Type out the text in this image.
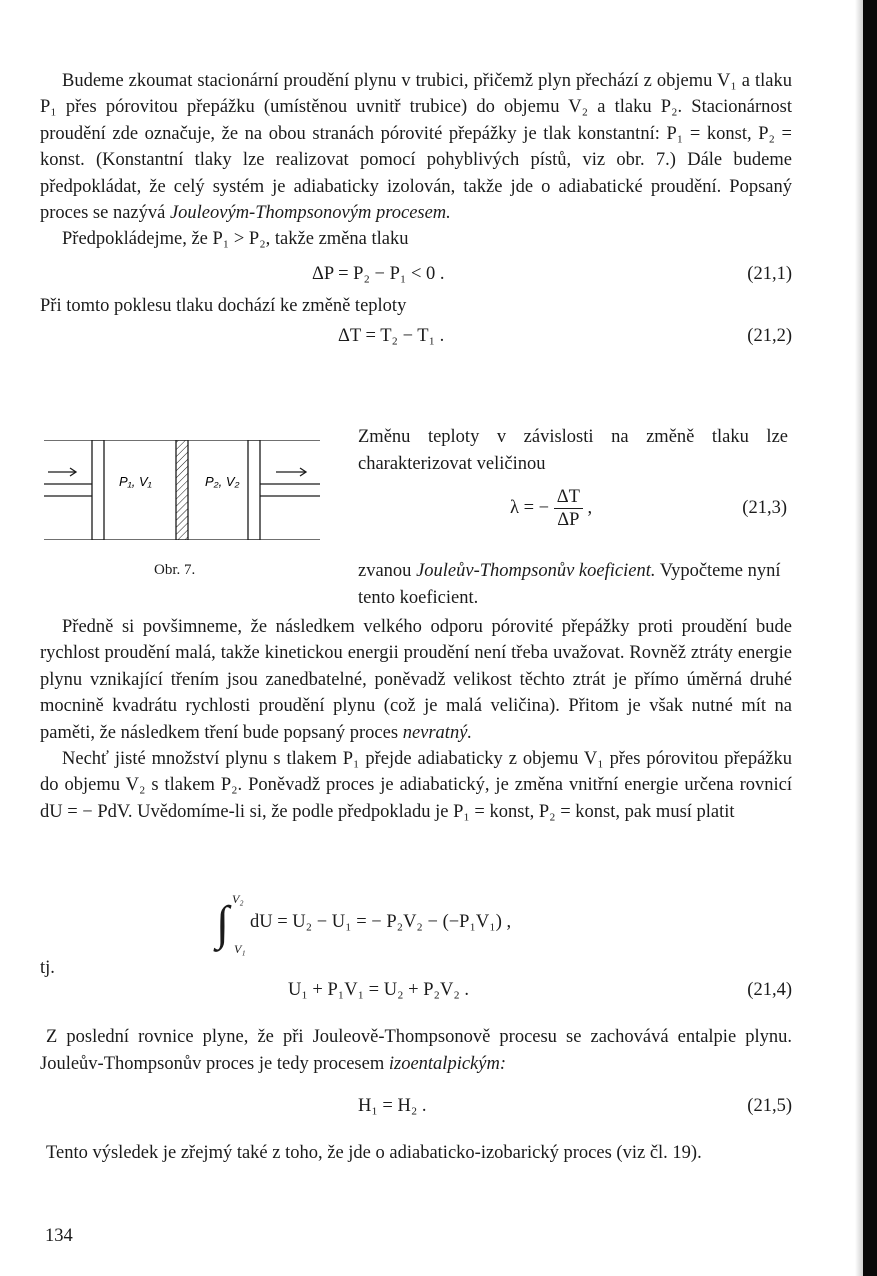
Budeme zkoumat stacionární proudění plynu v trubici, přičemž plyn přechází z objemu V₁ a tlaku P₁ přes pórovitou přepážku (umístěnou uvnitř trubice) do objemu V₂ a tlaku P₂. Stacionárnost proudění zde označuje, že na obou stranách pórovité přepážky je tlak konstantní: P₁ = konst, P₂ = konst. (Konstantní tlaky lze realizovat pomocí pohyblivých pístů, viz obr. 7.) Dále budeme předpokládat, že celý systém je adiabaticky izolován, takže jde o adiabatické proudění. Popsaný proces se nazývá Jouleovým-Thompsonovým procesem.

Předpokládejme, že P₁ > P₂, takže změna tlaku

ΔP = P₂ − P₁ < 0 .	(21,1)

Při tomto poklesu tlaku dochází ke změně teploty

ΔT = T₂ − T₁ .	(21,2)
P₁, V₁	P₂, V₂
Obr. 7.

Změnu teploty v závislosti na změně tlaku lze charakterizovat veličinou

λ = − $\frac{\Delta T}{\Delta P}$ ,	(21,3)
zvanou Jouleův-Thompsonův koeficient. Vypočteme nyní tento koeficient.

Předně si povšimneme, že následkem velkého odporu pórovité přepážky proti proudění bude rychlost proudění malá, takže kinetickou energii proudění není třeba uvažovat. Rovněž ztráty energie plynu vznikající třením jsou zanedbatelné, poněvadž velikost těchto ztrát je přímo úměrná druhé mocnině kvadrátu rychlosti proudění plynu (což je malá veličina). Přitom je však nutné mít na paměti, že následkem tření bude popsaný proces nevratný.

Nechť jisté množství plynu s tlakem P₁ přejde adiabaticky z objemu V₁ přes pórovitou přepážku do objemu V₂ s tlakem P₂. Poněvadž proces je adiabatický, je změna vnitřní energie určena rovnicí dU = − PdV. Uvědomíme-li si, že podle předpokladu je P₁ = konst, P₂ = konst, pak musí platit

∫ V₂
V₁
dU = U₂ − U₁ = − P₂V₂ − (−P₁V₁) ,
tj.
U₁ + P₁V₁ = U₂ + P₂V₂ .	(21,4)

Z poslední rovnice plyne, že při Jouleově-Thompsonově procesu se zachovává entalpie plynu. Jouleův-Thompsonův proces je tedy procesem izoentalpickým:

H₁ = H₂ .	(21,5)

Tento výsledek je zřejmý také z toho, že jde o adiabaticko-izobarický proces (viz čl. 19).

134
